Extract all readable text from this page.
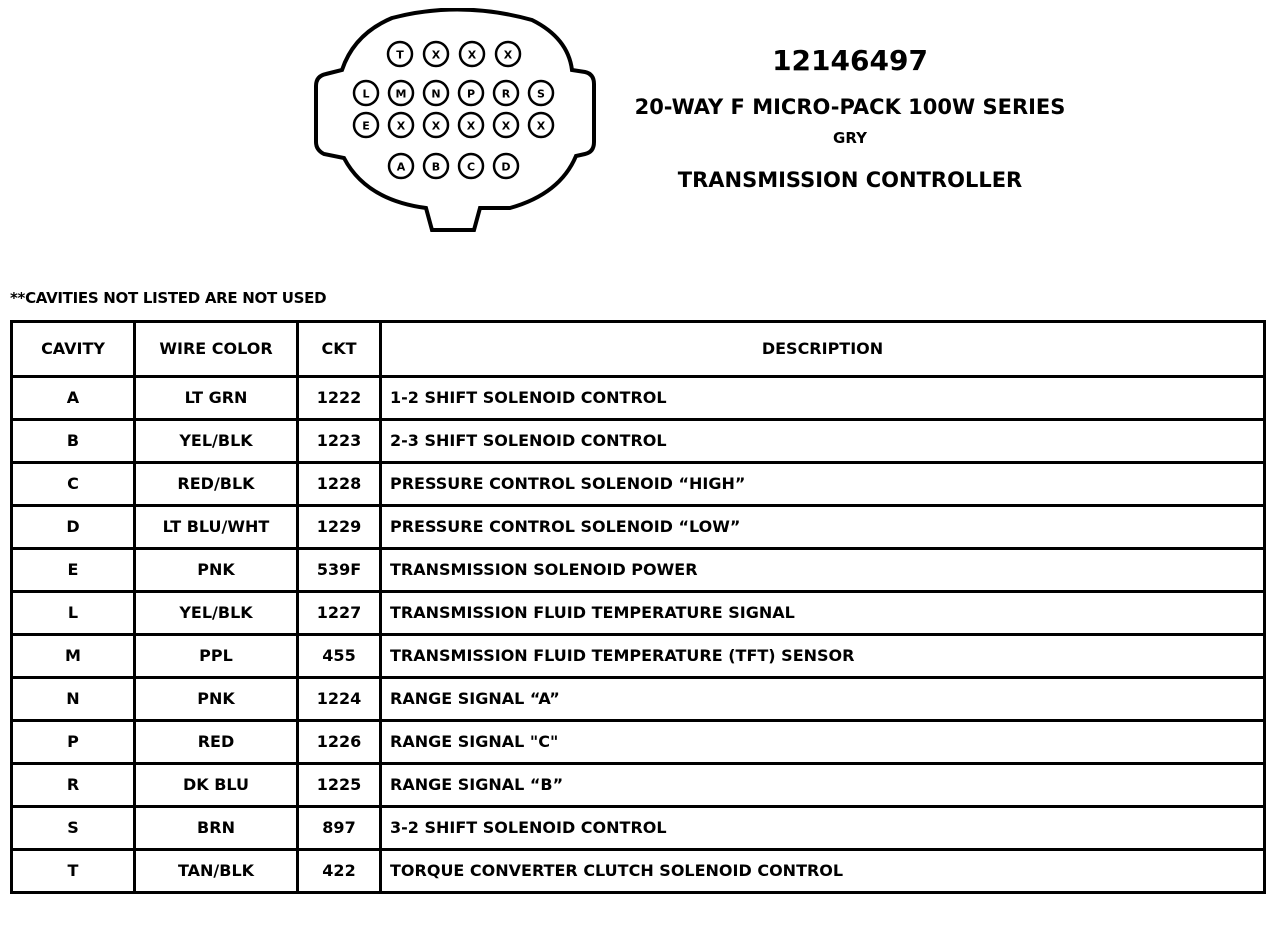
T	X	X	X
L M N P R S
E X X X X X
A B C D
12146497
20-WAY F MICRO-PACK 100W SERIES
GRY
TRANSMISSION CONTROLLER
**CAVITIES NOT LISTED ARE NOT USED
CAVITY	WIRE COLOR	CKT	DESCRIPTION
A	LT GRN	1222	1-2 SHIFT SOLENOID CONTROL
B	YEL/BLK	1223	2-3 SHIFT SOLENOID CONTROL
C	RED/BLK	1228	PRESSURE CONTROL SOLENOID “HIGH”
D	LT BLU/WHT	1229	PRESSURE CONTROL SOLENOID “LOW”
E	PNK	539F	TRANSMISSION SOLENOID POWER
L	YEL/BLK	1227	TRANSMISSION FLUID TEMPERATURE SIGNAL
M	PPL	455	TRANSMISSION FLUID TEMPERATURE (TFT) SENSOR
N	PNK	1224	RANGE SIGNAL “A”
P	RED	1226	RANGE SIGNAL "C"
R	DK BLU	1225	RANGE SIGNAL “B”
S	BRN	897	3-2 SHIFT SOLENOID CONTROL
T	TAN/BLK	422	TORQUE CONVERTER CLUTCH SOLENOID CONTROL
